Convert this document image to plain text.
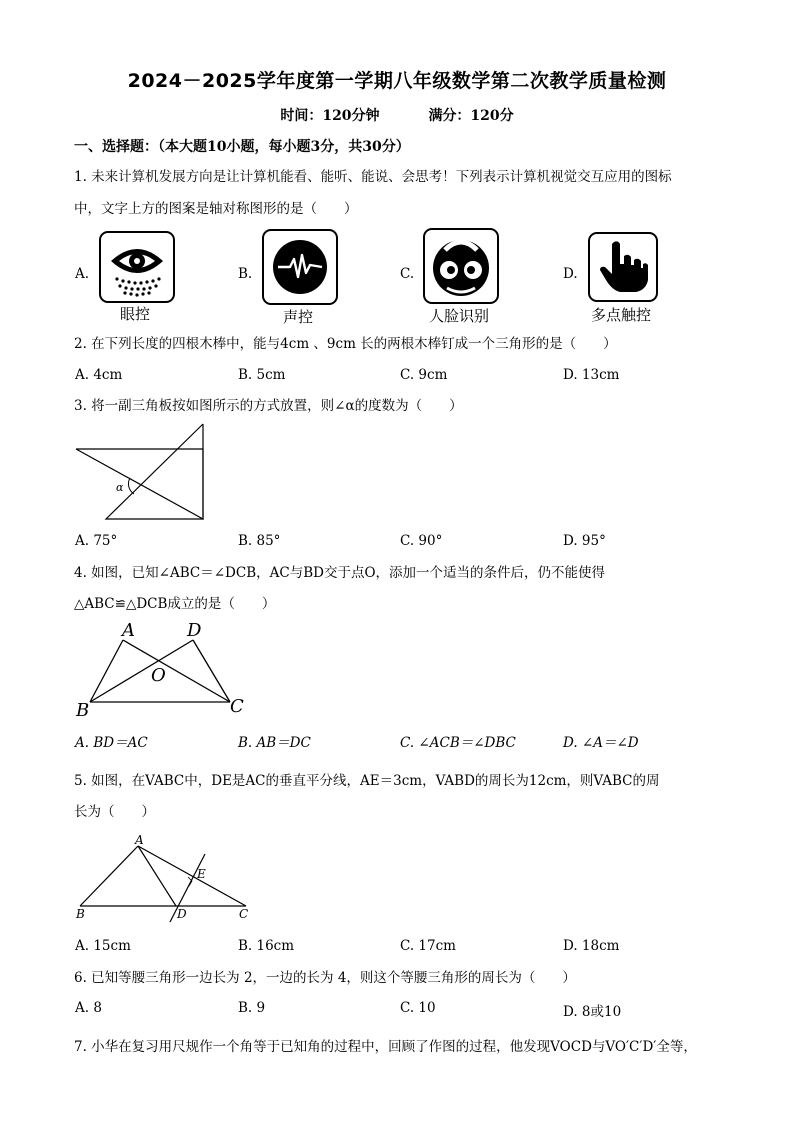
2024－2025学年度第一学期八年级数学第二次教学质量检测
时间：120分钟	满分：120分
一、选择题：（本大题10小题，每小题3分，共30分）
1. 未来计算机发展方向是让计算机能看、能听、能说、会思考！下列表示计算机视觉交互应用的图标
中，文字上方的图案是轴对称图形的是（　　）
A.
眼控
B.
声控
C.
人脸识别
D.
多点触控
2. 在下列长度的四根木棒中，能与4cm 、9cm 长的两根木棒钉成一个三角形的是（　　）
A. 4cm	B. 5cm	C. 9cm	D. 13cm
3. 将一副三角板按如图所示的方式放置，则∠α的度数为（　　）
α
A. 75°	B. 85°	C. 90°	D. 95°
4. 如图，已知∠ABC＝∠DCB，AC与BD交于点O，添加一个适当的条件后，仍不能使得
△ABC≌△DCB成立的是（　　）
A	D
O
B	C
A. BD＝AC	B. AB＝DC	C. ∠ACB＝∠DBC	D. ∠A＝∠D
5. 如图，在VABC中，DE是AC的垂直平分线，AE＝3cm，VABD的周长为12cm，则VABC的周
长为（　　）
A
E
B	D	C
A. 15cm	B. 16cm	C. 17cm	D. 18cm
6. 已知等腰三角形一边长为 2，一边的长为 4，则这个等腰三角形的周长为（　　）
A. 8	B. 9	C. 10	D. 8或10
7. 小华在复习用尺规作一个角等于已知角的过程中，回顾了作图的过程，他发现VOCD与VO′C′D′全等，
